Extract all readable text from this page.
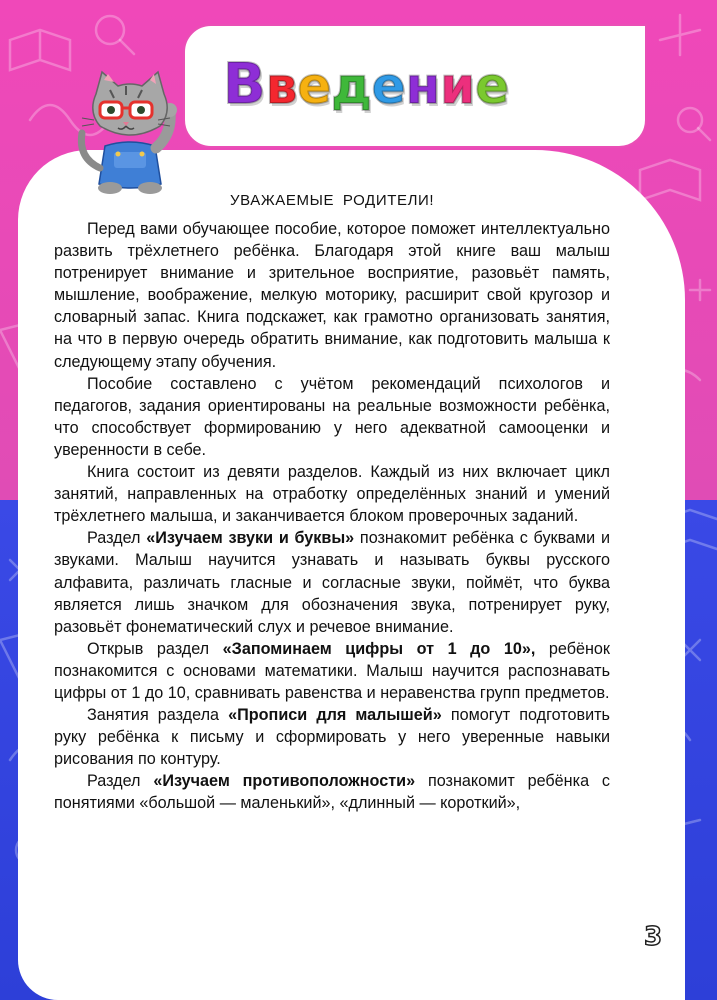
Введение
УВАЖАЕМЫЕ РОДИТЕЛИ!

Перед вами обучающее пособие, которое поможет интеллектуально развить трёхлетнего ребёнка. Благодаря этой книге ваш малыш потренирует внимание и зрительное восприятие, разовьёт память, мышление, воображение, мелкую моторику, расширит свой кругозор и словарный запас. Книга подскажет, как грамотно организовать занятия, на что в первую очередь обратить внимание, как подготовить малыша к следующему этапу обучения.

Пособие составлено с учётом рекомендаций психологов и педагогов, задания ориентированы на реальные возможности ребёнка, что способствует формированию у него адекватной самооценки и уверенности в себе.

Книга состоит из девяти разделов. Каждый из них включает цикл занятий, направленных на отработку определённых знаний и умений трёхлетнего малыша, и заканчивается блоком проверочных заданий.

Раздел «Изучаем звуки и буквы» познакомит ребёнка с буквами и звуками. Малыш научится узнавать и называть буквы русского алфавита, различать гласные и согласные звуки, поймёт, что буква является лишь значком для обозначения звука, потренирует руку, разовьёт фонематический слух и речевое внимание.

Открыв раздел «Запоминаем цифры от 1 до 10», ребёнок познакомится с основами математики. Малыш научится распознавать цифры от 1 до 10, сравнивать равенства и неравенства групп предметов.

Занятия раздела «Прописи для малышей» помогут подготовить руку ребёнка к письму и сформировать у него уверенные навыки рисования по контуру.

Раздел «Изучаем противоположности» познакомит ребёнка с понятиями «большой — маленький», «длинный — короткий»,

3
